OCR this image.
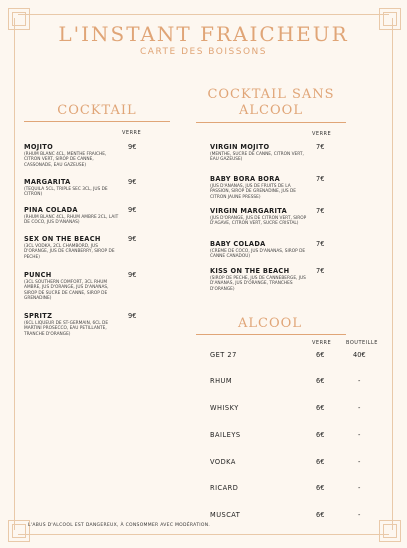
L'INSTANT FRAICHEUR
CARTE DES BOISSONS
COCKTAIL
VERRE
MOJITO
(RHUM BLANC 4CL, MENTHE FRAICHE, CITRON VERT, SIROP DE CANNE, CASSONADE, EAU GAZEUSE)
9€
MARGARITA
(TEQUILA 5CL, TRIPLE SEC 3CL, JUS DE CITRON)
9€
PINA COLADA
(RHUM BLANC 4CL, RHUM AMBRE 2CL, LAIT DE COCO, JUS D'ANANAS)
9€
SEX ON THE BEACH
(3CL VODKA, 2CL CHAMBORD, JUS D'ORANGE, JUS DE CRANBERRY, SIROP DE PECHE)
9€
PUNCH
(3CL SOUTHERN COMFORT, 3CL RHUM AMBRE, JUS D'ORANGE, JUS D'ANANAS, SIROP DE SUCRE DE CANNE, SIROP DE GRENADINE)
9€
SPRITZ
(6CL LIQUEUR DE ST-GERMAIN, 6CL DE MARTINI PROSECCO, EAU PETILLANTE, TRANCHE D'ORANGE)
9€
COCKTAIL SANS
ALCOOL
VERRE
VIRGIN MOJITO
(MENTHE, SUCRE DE CANNE, CITRON VERT, EAU GAZEUSE)
7€
BABY BORA BORA
(JUS D'ANANAS, JUS DE FRUITS DE LA PASSION, SIROP DE GRENADINE, JUS DE CITRON JAUNE PRESSE)
7€
VIRGIN MARGARITA
(JUS D'ORANGE, JUS DE CITRON VERT, SIROP D'AGAVE, CITRON VERT, SUCRE CRISTAL)
7€
BABY COLADA
(CREME DE COCO, JUS D'ANANAS, SIROP DE CANNE CANADOU)
7€
KISS ON THE BEACH
(SIROP DE PECHE, JUS DE CANNEBERGE, JUS D'ANANAS, JUS D'ORANGE, TRANCHES D'ORANGE)
7€
ALCOOL
VERRE	BOUTEILLE
GET 27	6€	40€
RHUM	6€	-
WHISKY	6€	-
BAILEYS	6€	-
VODKA	6€	-
RICARD	6€	-
MUSCAT	6€	-
L'ABUS D'ALCOOL EST DANGEREUX, À CONSOMMER AVEC MODÉRATION.
